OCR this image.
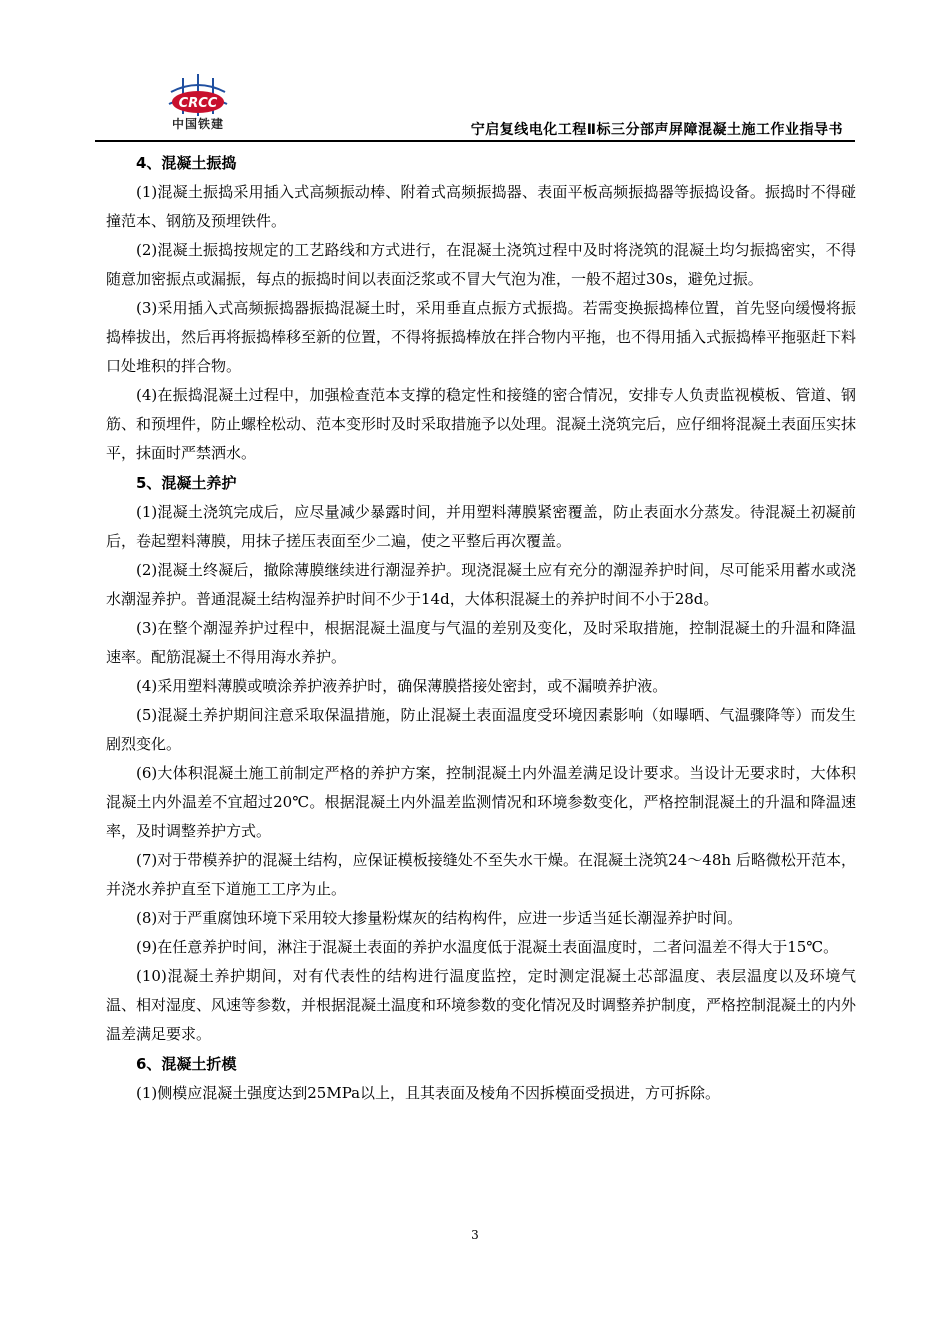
CRCC
中国铁建	宁启复线电化工程Ⅱ标三分部声屏障混凝土施工作业指导书
4、混凝土振捣

(1)混凝土振捣采用插入式高频振动棒、附着式高频振捣器、表面平板高频振捣器等振捣设备。振捣时不得碰撞范本、钢筋及预埋铁件。

(2)混凝土振捣按规定的工艺路线和方式进行，在混凝土浇筑过程中及时将浇筑的混凝土均匀振捣密实，不得随意加密振点或漏振，每点的振捣时间以表面泛浆或不冒大气泡为准，一般不超过30s，避免过振。

(3)采用插入式高频振捣器振捣混凝土时，采用垂直点振方式振捣。若需变换振捣棒位置，首先竖向缓慢将振捣棒拔出，然后再将振捣棒移至新的位置，不得将振捣棒放在拌合物内平拖，也不得用插入式振捣棒平拖驱赶下料口处堆积的拌合物。

(4)在振捣混凝土过程中，加强检查范本支撑的稳定性和接缝的密合情况，安排专人负责监视模板、管道、钢筋、和预埋件，防止螺栓松动、范本变形时及时采取措施予以处理。混凝土浇筑完后，应仔细将混凝土表面压实抹平，抹面时严禁洒水。

5、混凝土养护

(1)混凝土浇筑完成后，应尽量减少暴露时间，并用塑料薄膜紧密覆盖，防止表面水分蒸发。待混凝土初凝前后，卷起塑料薄膜，用抹子搓压表面至少二遍，使之平整后再次覆盖。

(2)混凝土终凝后，撤除薄膜继续进行潮湿养护。现浇混凝土应有充分的潮湿养护时间，尽可能采用蓄水或浇水潮湿养护。普通混凝土结构湿养护时间不少于14d，大体积混凝土的养护时间不小于28d。

(3)在整个潮湿养护过程中，根据混凝土温度与气温的差别及变化，及时采取措施，控制混凝土的升温和降温速率。配筋混凝土不得用海水养护。

(4)采用塑料薄膜或喷涂养护液养护时，确保薄膜搭接处密封，或不漏喷养护液。

(5)混凝土养护期间注意采取保温措施，防止混凝土表面温度受环境因素影响（如曝晒、气温骤降等）而发生剧烈变化。

(6)大体积混凝土施工前制定严格的养护方案，控制混凝土内外温差满足设计要求。当设计无要求时，大体积混凝土内外温差不宜超过20℃。根据混凝土内外温差监测情况和环境参数变化，严格控制混凝土的升温和降温速率，及时调整养护方式。

(7)对于带模养护的混凝土结构，应保证模板接缝处不至失水干燥。在混凝土浇筑24～48h 后略微松开范本，并浇水养护直至下道施工工序为止。

(8)对于严重腐蚀环境下采用较大掺量粉煤灰的结构构件，应进一步适当延长潮湿养护时间。

(9)在任意养护时间，淋注于混凝土表面的养护水温度低于混凝土表面温度时，二者问温差不得大于15℃。

(10)混凝土养护期间，对有代表性的结构进行温度监控，定时测定混凝土芯部温度、表层温度以及环境气温、相对湿度、风速等参数，并根据混凝土温度和环境参数的变化情况及时调整养护制度，严格控制混凝土的内外温差满足要求。

6、混凝土折模

(1)侧模应混凝土强度达到25MPa以上，且其表面及棱角不因拆模面受损进，方可拆除。

3
